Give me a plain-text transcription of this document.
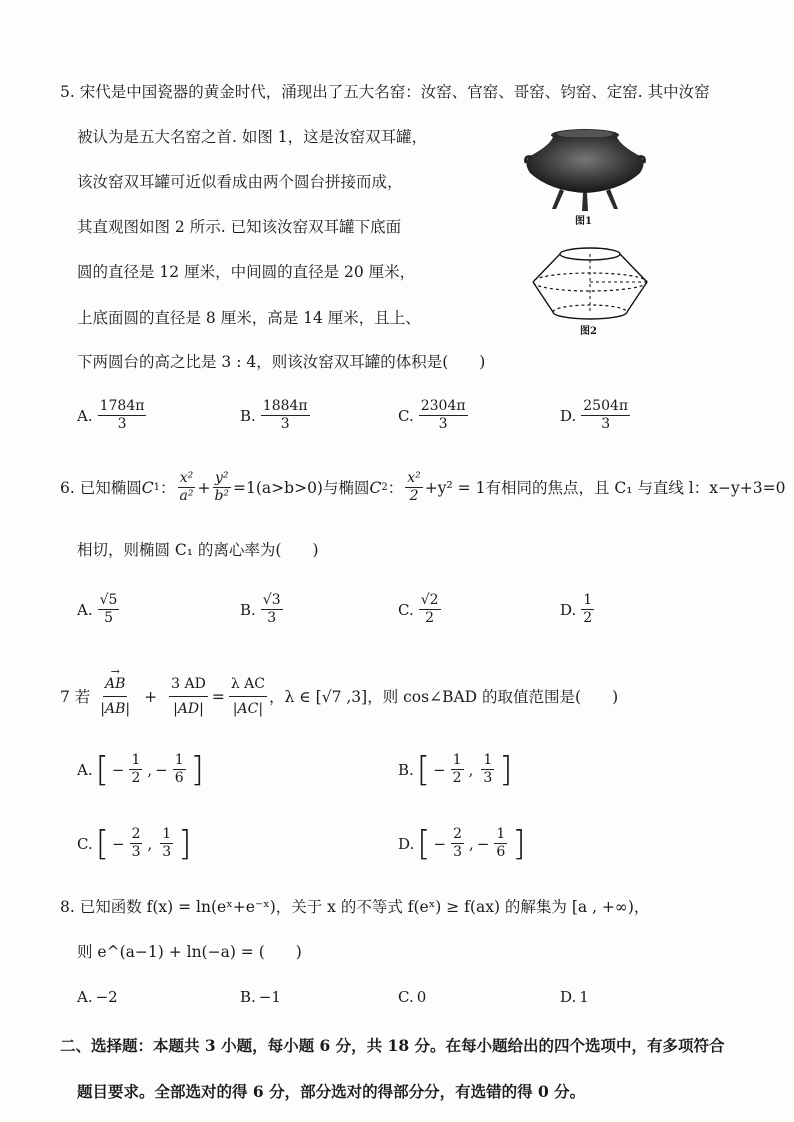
5. 宋代是中国瓷器的黄金时代，涌现出了五大名窑：汝窑、官窑、哥窑、钧窑、定窑. 其中汝窑
被认为是五大名窑之首. 如图 1，这是汝窑双耳罐，
该汝窑双耳罐可近似看成由两个圆台拼接而成，
其直观图如图 2 所示. 已知该汝窑双耳罐下底面
圆的直径是 12 厘米，中间圆的直径是 20 厘米，
上底面圆的直径是 8 厘米，高是 14 厘米，且上、
下两圆台的高之比是 3 : 4，则该汝窑双耳罐的体积是(　　)
图1
图2
A. $\frac{1784\pi}{3}$	B. $\frac{1884\pi}{3}$	C. $\frac{2304\pi}{3}$	D. $\frac{2504\pi}{3}$
6. 已知椭圆 C 1 ： $\frac{\text{x²}}{\text{a²}} + \frac{\text{y²}}{\text{b²}} =1(a>b>0)$ 与椭圆 C 2 ： $\frac{\text{x²}}{2} +y^2 = 1$ 有相同的焦点，且 C₁ 与直线 l：x−y+3=0
相切，则椭圆 C₁ 的离心率为(　　)
A. $\frac{√5}{5}$	B. $\frac{√3}{3}$	C. $\frac{√2}{2}$	D. $\frac{1}{2}$
7 若
→ $\frac{AB}{|AB|} + \frac{3 AD}{|AD|} = \frac{\text{λ AC}}{|AC|}$ ，λ ∈ [√7 ,3] ，则 cos∠BAD 的取值范围是(　　)
A. [ − $\frac{1}{2}$ , − $\frac{1}{6}$ ]	B. [ − $\frac{1}{2}$ , $\frac{1}{3}$ ]
C. [ − $\frac{2}{3}$ , $\frac{1}{3}$ ]	D. [ − $\frac{2}{3}$ , − $\frac{1}{6}$ ]
8. 已知函数 f(x) = ln(eˣ+e⁻ˣ)，关于 x 的不等式 f(eˣ) ≥ f(ax) 的解集为 [a , +∞)，
则 e^(a−1) + ln(−a) = (　　)
A. −2	B. −1	C. 0	D. 1
二、选择题：本题共 3 小题，每小题 6 分，共 18 分。在每小题给出的四个选项中，有多项符合
题目要求。全部选对的得 6 分，部分选对的得部分分，有选错的得 0 分。
